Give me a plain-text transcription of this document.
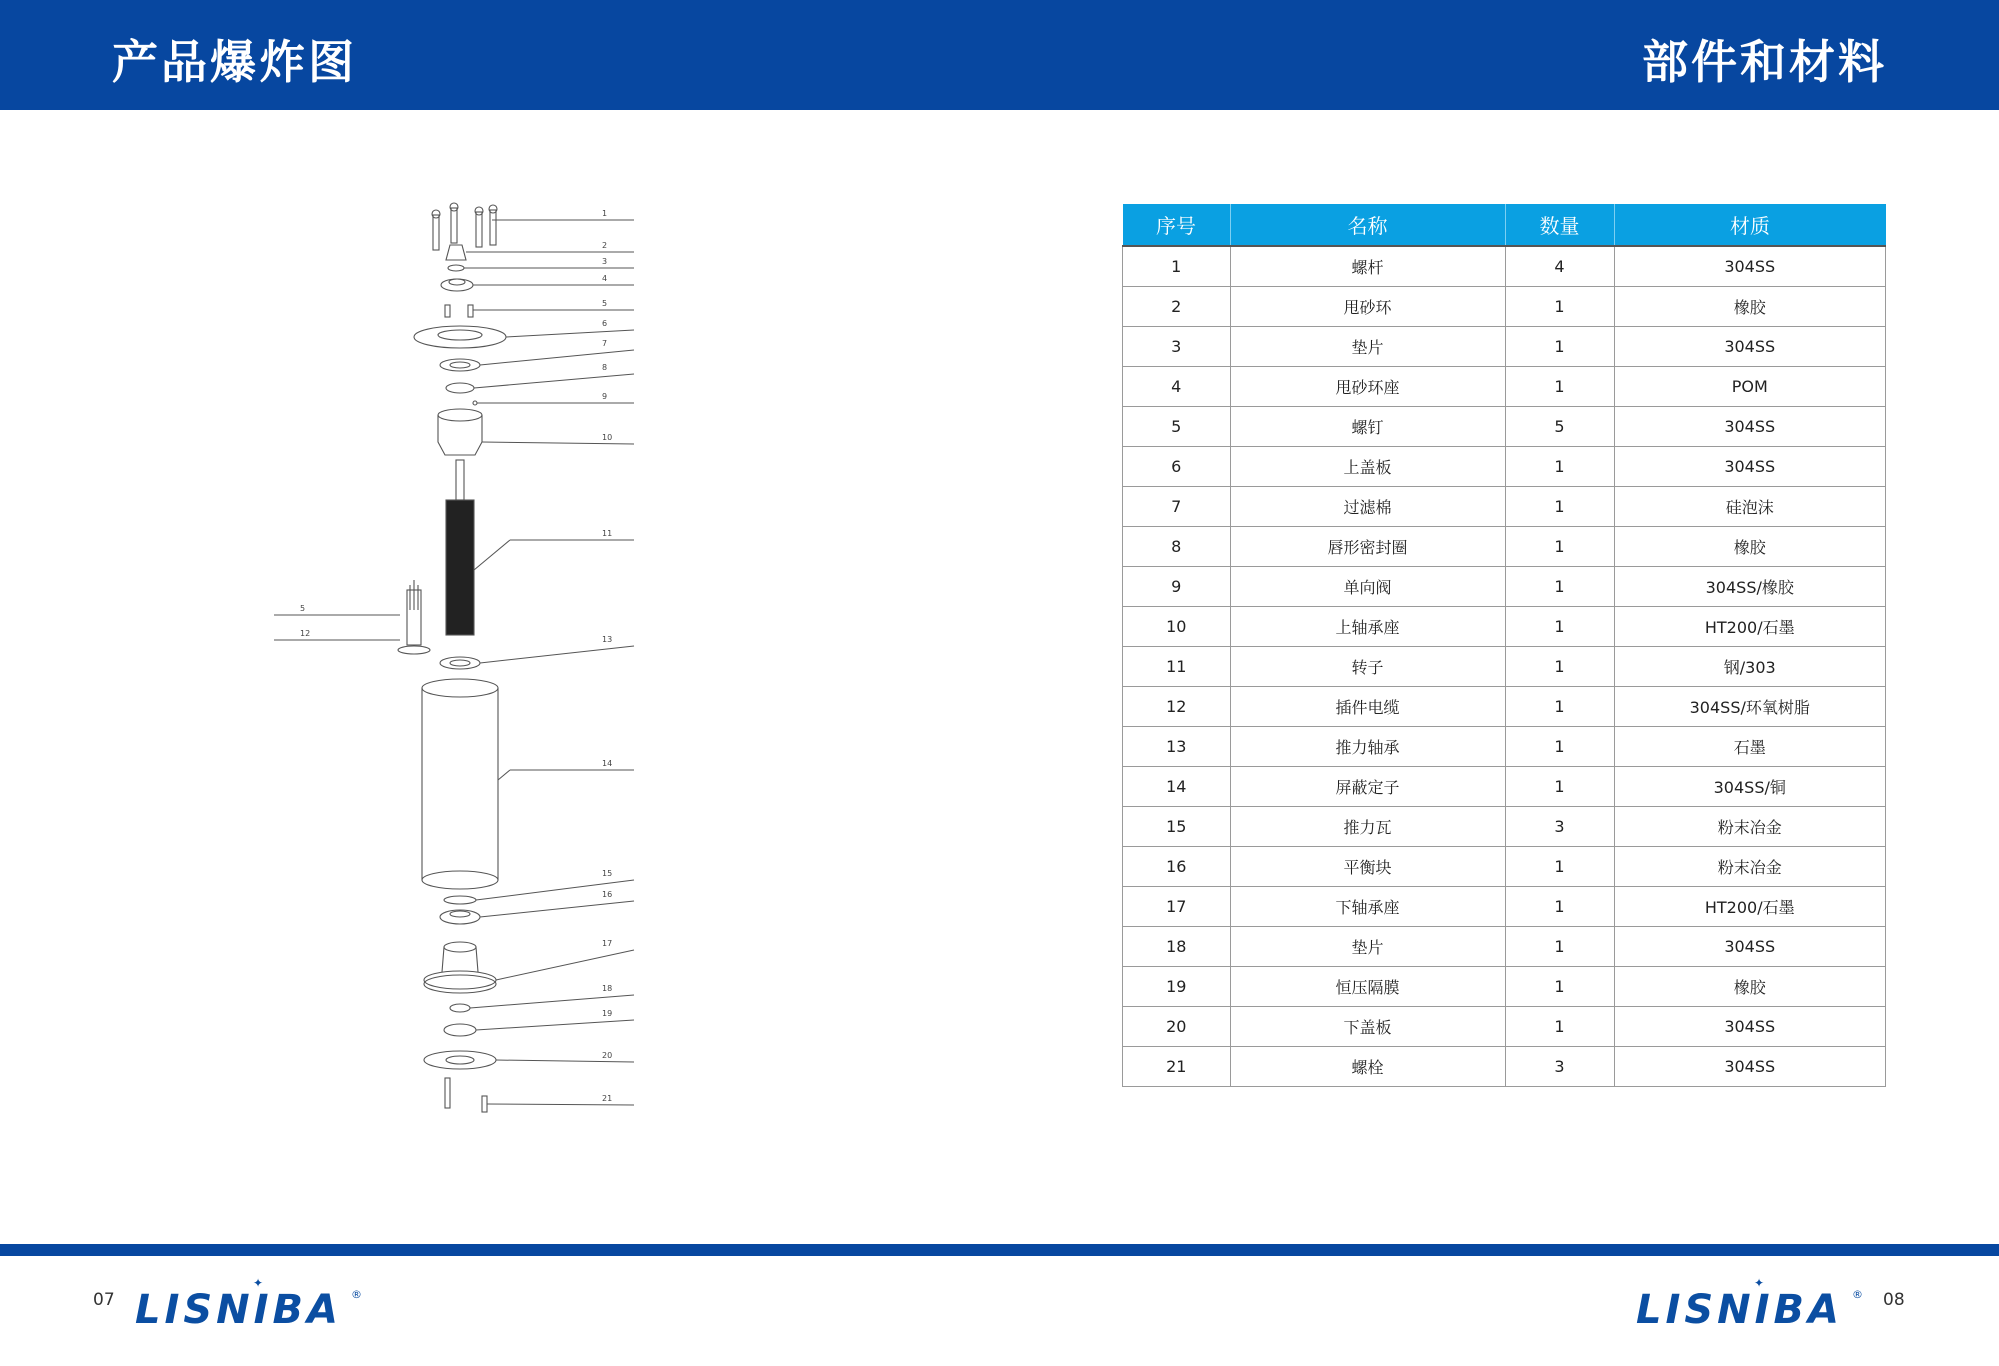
产品爆炸图	部件和材料
1
2
3
4
5
6
7
8
9
10
11
13
14
15
16
17
18
19
20
21
5
12
序号	名称	数量	材质
1	螺杆	4	304SS
2	甩砂环	1	橡胶
3	垫片	1	304SS
4	甩砂环座	1	POM
5	螺钉	5	304SS
6	上盖板	1	304SS
7	过滤棉	1	硅泡沫
8	唇形密封圈	1	橡胶
9	单向阀	1	304SS/橡胶
10	上轴承座	1	HT200/石墨
11	转子	1	钢/303
12	插件电缆	1	304SS/环氧树脂
13	推力轴承	1	石墨
14	屏蔽定子	1	304SS/铜
15	推力瓦	3	粉末冶金
16	平衡块	1	粉末冶金
17	下轴承座	1	HT200/石墨
18	垫片	1	304SS
19	恒压隔膜	1	橡胶
20	下盖板	1	304SS
21	螺栓	3	304SS
07 LISNIBA
✦
®	LISNIBA
✦
® 08
